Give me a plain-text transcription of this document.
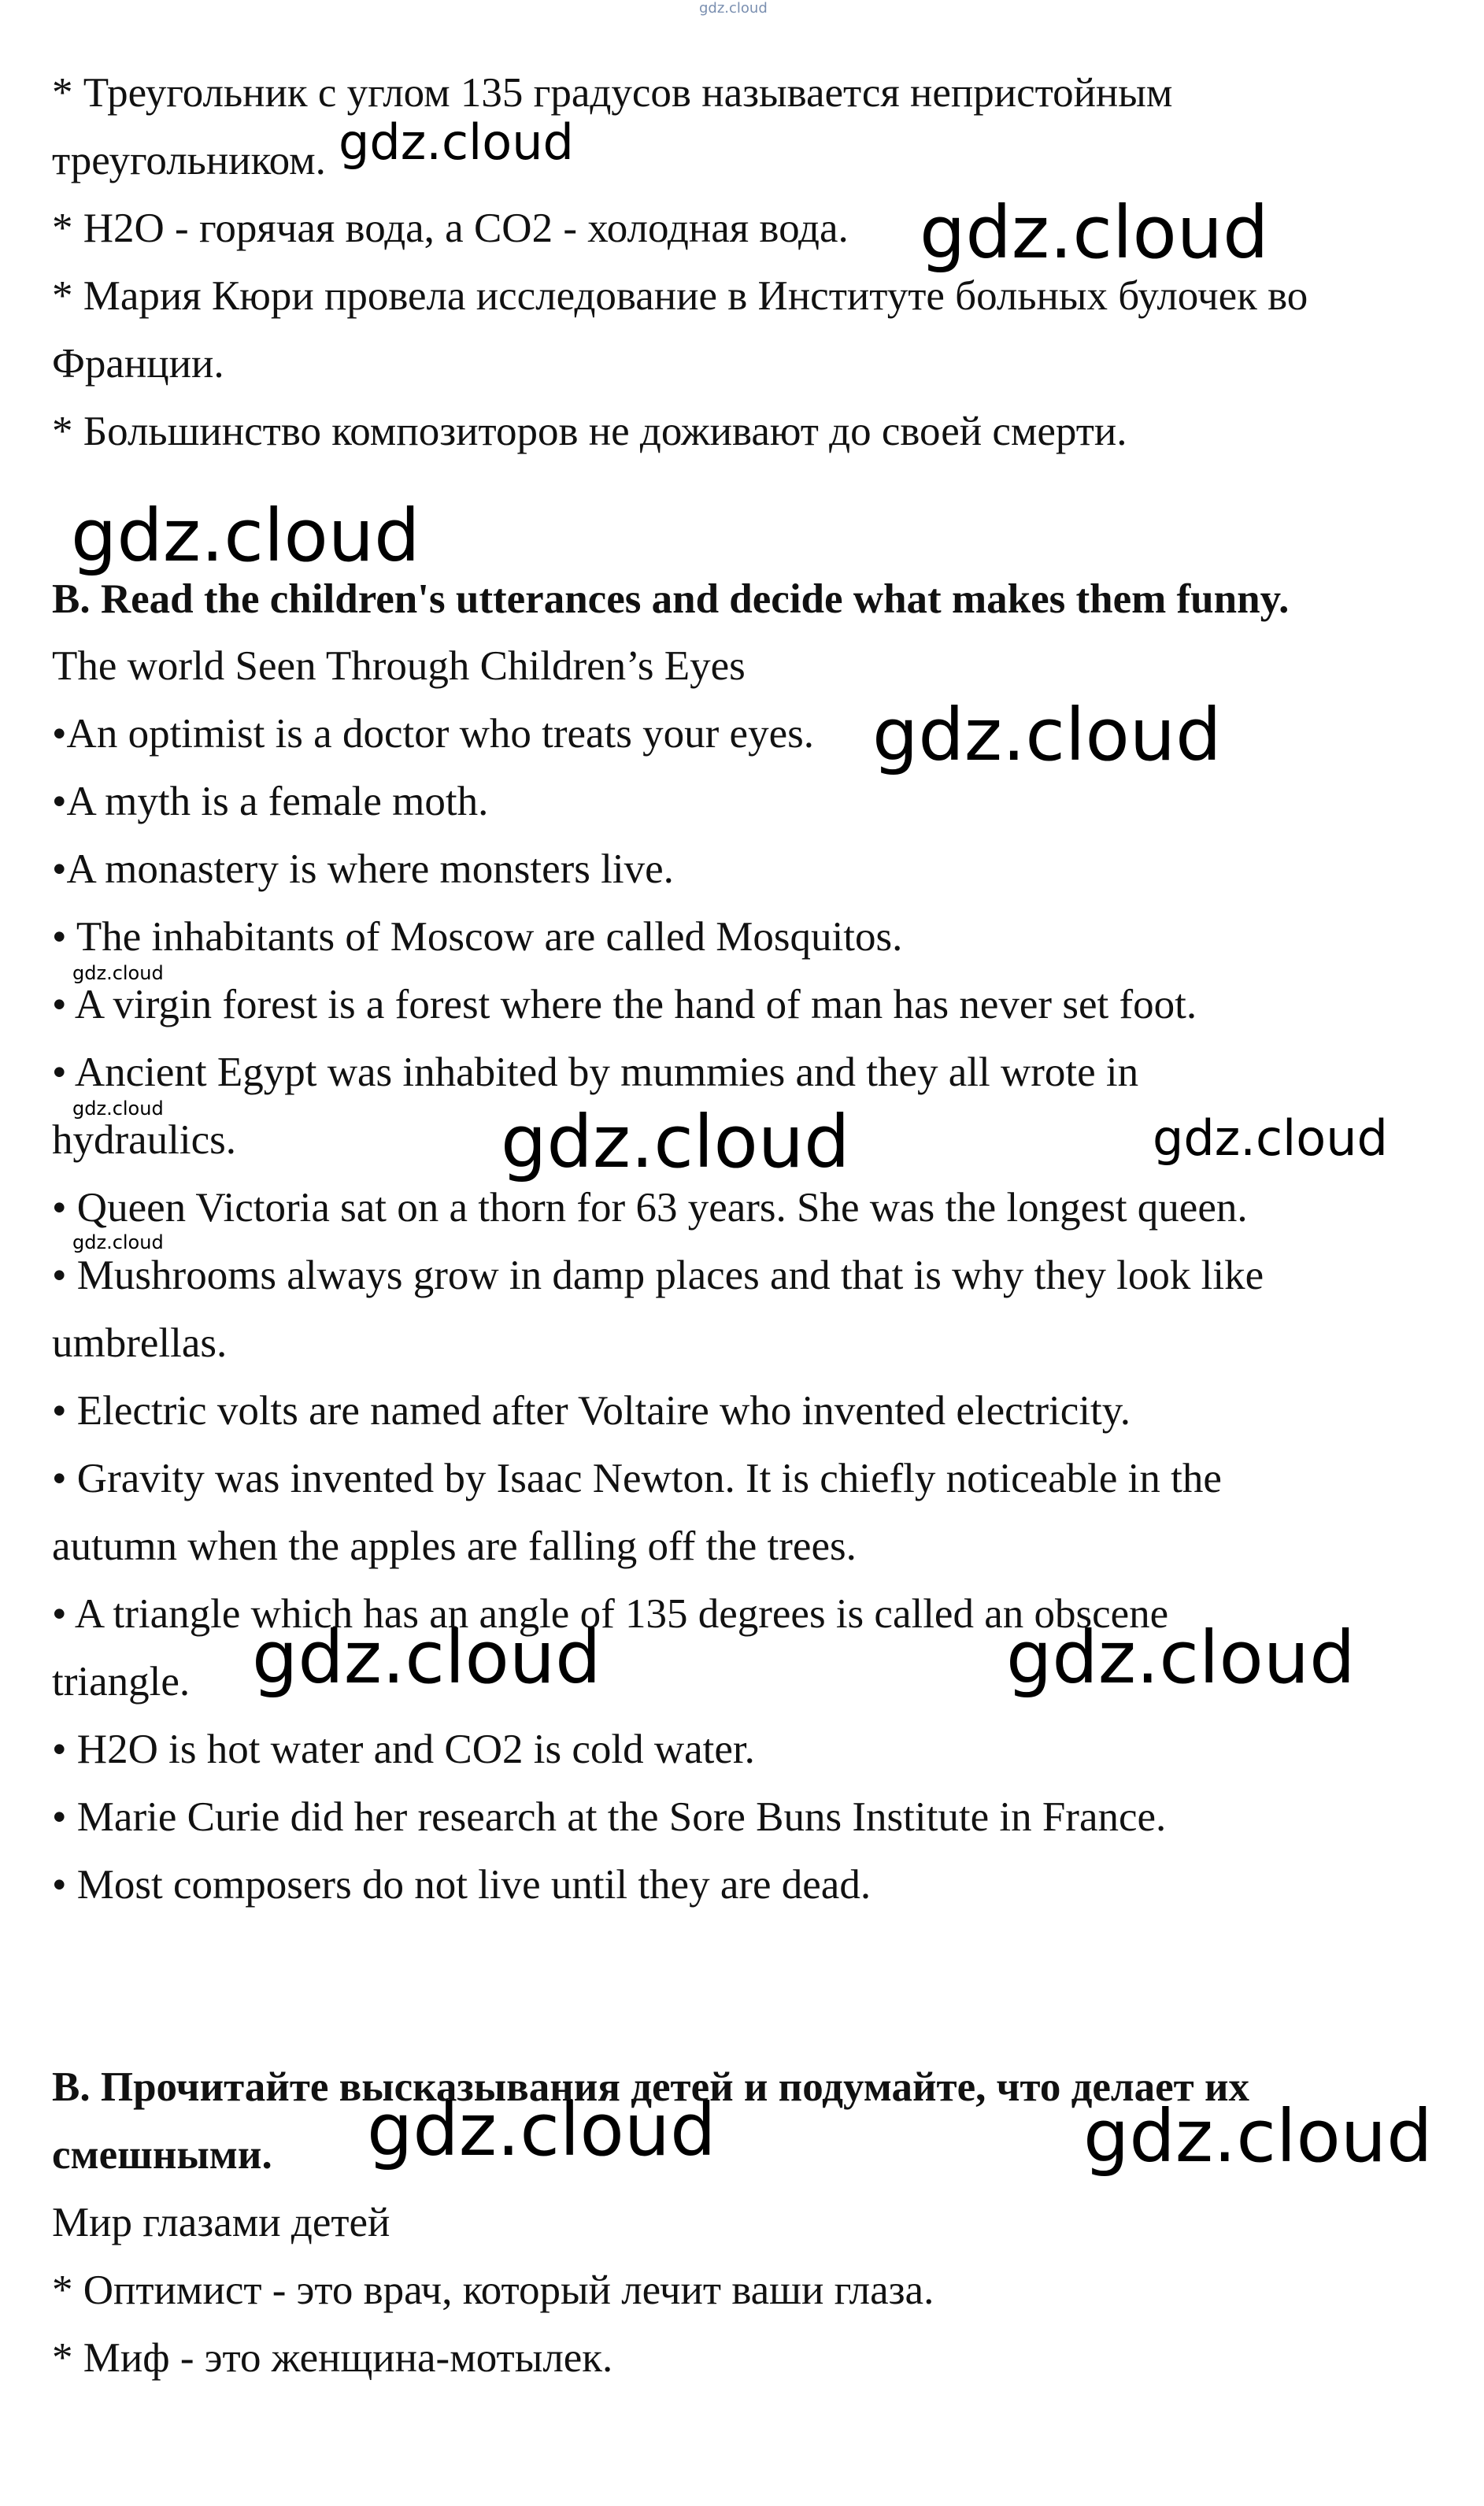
gdz.cloud
* Треугольник с углом 135 градусов называется непристойным
треугольником.
* H2O - горячая вода, а CO2 - холодная вода.
* Мария Кюри провела исследование в Институте больных булочек во
Франции.
* Большинство композиторов не доживают до своей смерти.
B. Read the children's utterances and decide what makes them funny.
The world Seen Through Children’s Eyes
•An optimist is a doctor who treats your eyes.
•A myth is a female moth.
•A monastery is where monsters live.
• The inhabitants of Moscow are called Mosquitos.
• A virgin forest is a forest where the hand of man has never set foot.
• Ancient Egypt was inhabited by mummies and they all wrote in
hydraulics.
• Queen Victoria sat on a thorn for 63 years. She was the longest queen.
• Mushrooms always grow in damp places and that is why they look like
umbrellas.
• Electric volts are named after Voltaire who invented electricity.
• Gravity was invented by Isaac Newton. It is chiefly noticeable in the
autumn when the apples are falling off the trees.
• A triangle which has an angle of 135 degrees is called an obscene
triangle.
• H2O is hot water and CO2 is cold water.
• Marie Curie did her research at the Sore Buns Institute in France.
• Most composers do not live until they are dead.
B. Прочитайте высказывания детей и подумайте, что делает их
смешными.
Мир глазами детей
* Оптимист - это врач, который лечит ваши глаза.
* Миф - это женщина-мотылек.
gdz.cloud
gdz.cloud
gdz.cloud
gdz.cloud
gdz.cloud
gdz.cloud	gdz.cloud	gdz.cloud
gdz.cloud
gdz.cloud	gdz.cloud
gdz.cloud	gdz.cloud
